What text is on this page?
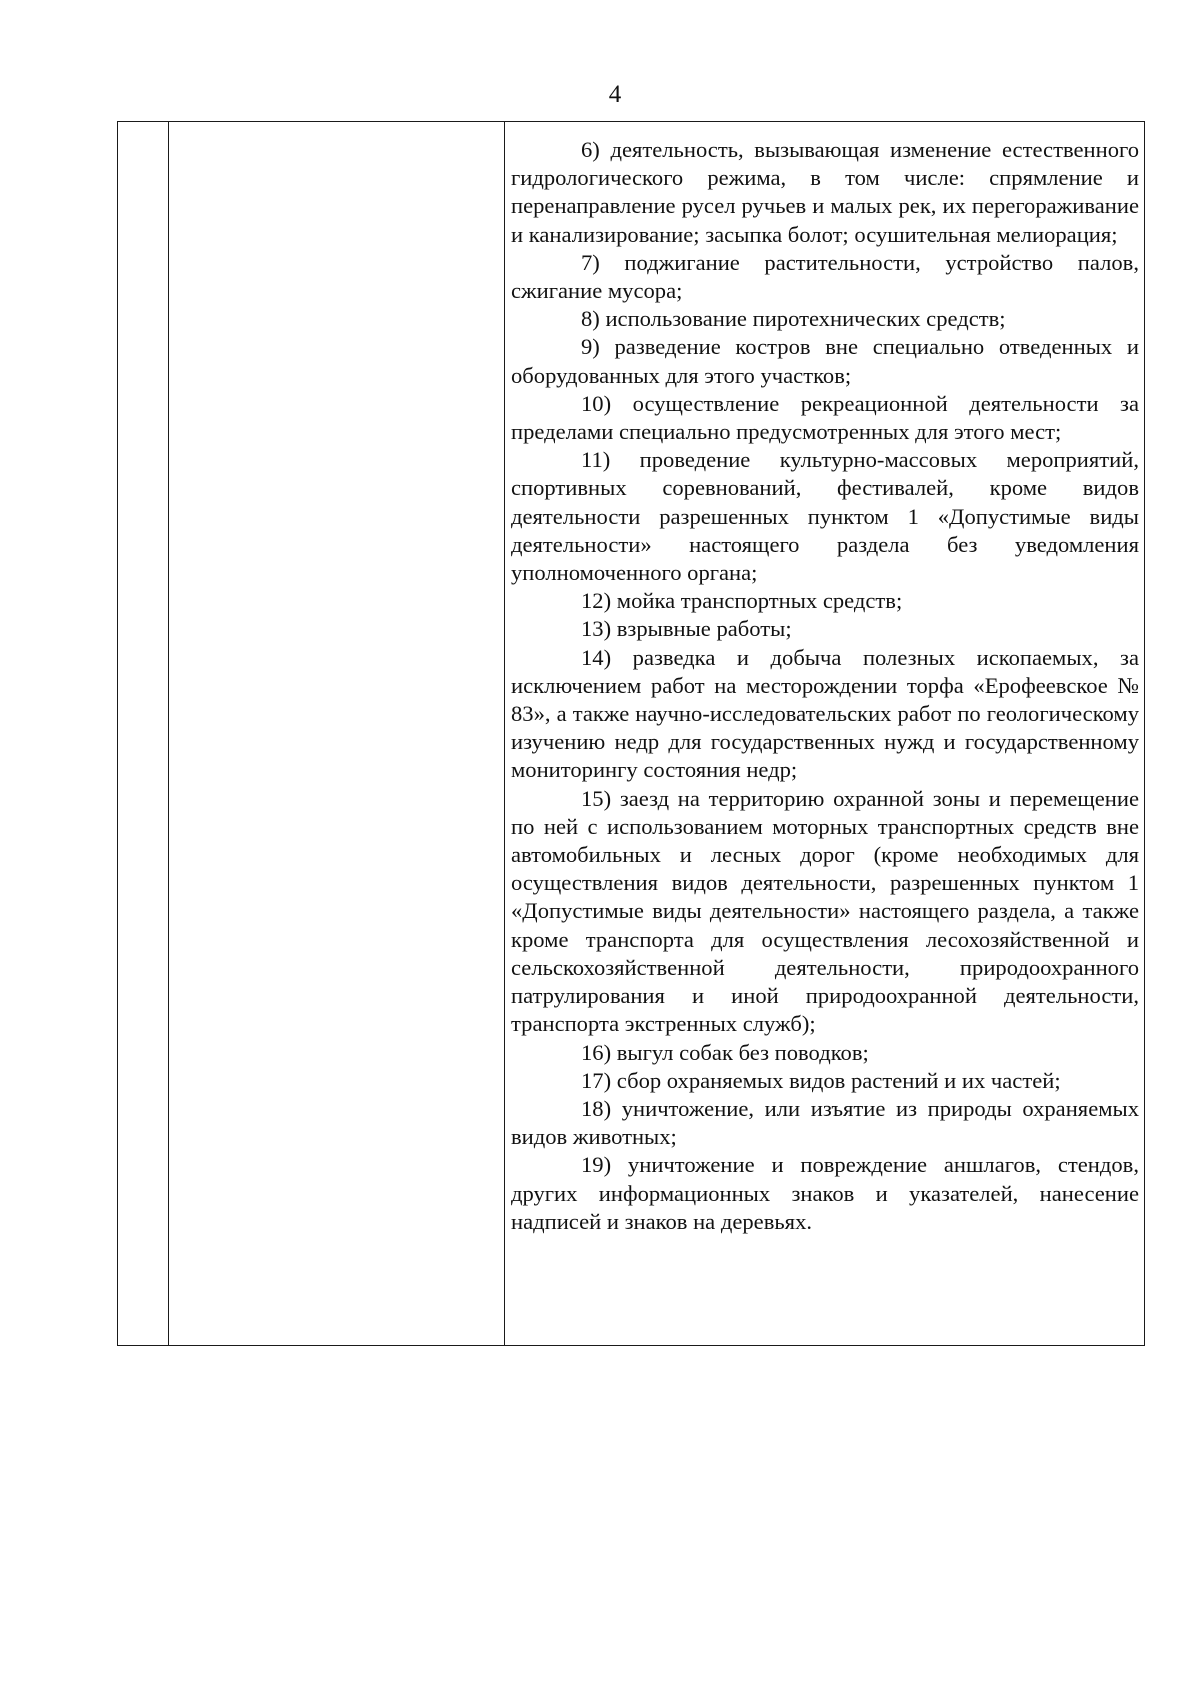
4

6) деятельность, вызывающая изменение естественного гидрологического режима, в том числе: спрямление и перенаправление русел ручьев и малых рек, их перегораживание и канализирование; засыпка болот; осушительная мелиорация;

7) поджигание растительности, устройство палов, сжигание мусора;

8) использование пиротехнических средств;

9) разведение костров вне специально отведенных и оборудованных для этого участков;

10) осуществление рекреационной деятельности за пределами специально предусмотренных для этого мест;

11) проведение культурно-массовых мероприятий, спортивных соревнований, фестивалей, кроме видов деятельности разрешенных пунктом 1 «Допустимые виды деятельности» настоящего раздела без уведомления уполномоченного органа;

12) мойка транспортных средств;

13) взрывные работы;

14) разведка и добыча полезных ископаемых, за исключением работ на месторождении торфа «Ерофеевское № 83», а также научно-исследовательских работ по геологическому изучению недр для государственных нужд и государственному мониторингу состояния недр;

15) заезд на территорию охранной зоны и перемещение по ней с использованием моторных транспортных средств вне автомобильных и лесных дорог (кроме необходимых для осуществления видов деятельности, разрешенных пунктом 1 «Допустимые виды деятельности» настоящего раздела, а также кроме транспорта для осуществления лесохозяйственной и сельскохозяйственной деятельности, природоохранного патрулирования и иной природоохранной деятельности, транспорта экстренных служб);

16) выгул собак без поводков;

17) сбор охраняемых видов растений и их частей;

18) уничтожение, или изъятие из природы охраняемых видов животных;

19) уничтожение и повреждение аншлагов, стендов, других информационных знаков и указателей, нанесение надписей и знаков на деревьях.
